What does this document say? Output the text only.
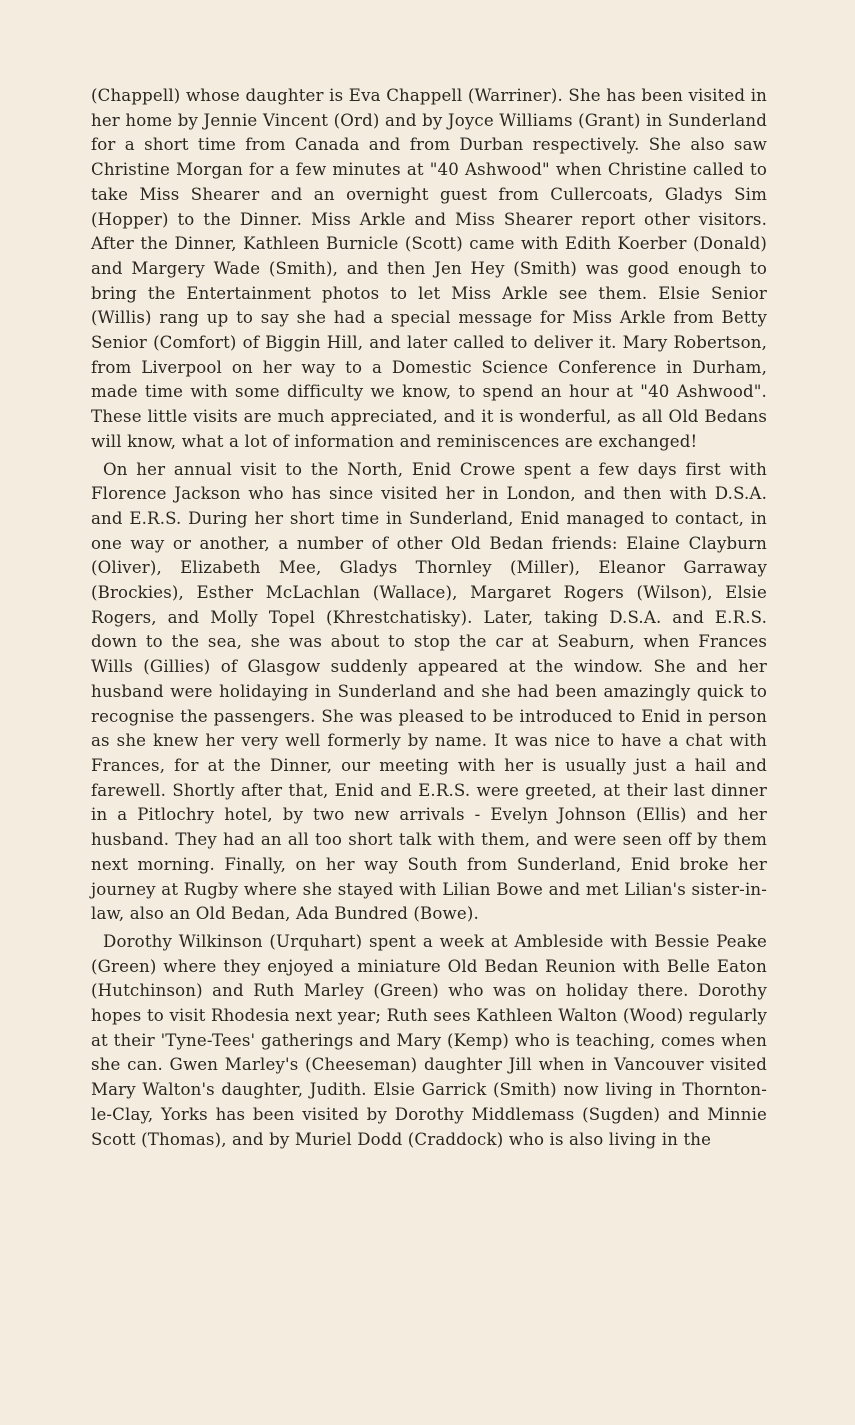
(Chappell) whose daughter is Eva Chappell (Warriner). She has been visited in her home by Jennie Vincent (Ord) and by Joyce Williams (Grant) in Sunderland for a short time from Canada and from Durban respectively. She also saw Christine Morgan for a few minutes at "40 Ashwood" when Christine called to take Miss Shearer and an overnight guest from Cullercoats, Gladys Sim (Hopper) to the Dinner. Miss Arkle and Miss Shearer report other visitors. After the Dinner, Kathleen Burnicle (Scott) came with Edith Koerber (Donald) and Margery Wade (Smith), and then Jen Hey (Smith) was good enough to bring the Entertainment photos to let Miss Arkle see them. Elsie Senior (Willis) rang up to say she had a special message for Miss Arkle from Betty Senior (Comfort) of Biggin Hill, and later called to deliver it. Mary Robertson, from Liverpool on her way to a Domestic Science Conference in Durham, made time with some difficulty we know, to spend an hour at "40 Ashwood". These little visits are much appreciated, and it is wonderful, as all Old Bedans will know, what a lot of information and reminiscences are exchanged!

On her annual visit to the North, Enid Crowe spent a few days first with Florence Jackson who has since visited her in London, and then with D.S.A. and E.R.S. During her short time in Sunderland, Enid managed to contact, in one way or another, a number of other Old Bedan friends: Elaine Clayburn (Oliver), Elizabeth Mee, Gladys Thornley (Miller), Eleanor Garraway (Brockies), Esther McLachlan (Wallace), Margaret Rogers (Wilson), Elsie Rogers, and Molly Topel (Khrestchatisky). Later, taking D.S.A. and E.R.S. down to the sea, she was about to stop the car at Seaburn, when Frances Wills (Gillies) of Glasgow suddenly appeared at the window. She and her husband were holidaying in Sunderland and she had been amazingly quick to recognise the passengers. She was pleased to be introduced to Enid in person as she knew her very well formerly by name. It was nice to have a chat with Frances, for at the Dinner, our meeting with her is usually just a hail and farewell. Shortly after that, Enid and E.R.S. were greeted, at their last dinner in a Pitlochry hotel, by two new arrivals - Evelyn Johnson (Ellis) and her husband. They had an all too short talk with them, and were seen off by them next morning. Finally, on her way South from Sunderland, Enid broke her journey at Rugby where she stayed with Lilian Bowe and met Lilian's sister-in-law, also an Old Bedan, Ada Bundred (Bowe).

Dorothy Wilkinson (Urquhart) spent a week at Ambleside with Bessie Peake (Green) where they enjoyed a miniature Old Bedan Reunion with Belle Eaton (Hutchinson) and Ruth Marley (Green) who was on holiday there. Dorothy hopes to visit Rhodesia next year; Ruth sees Kathleen Walton (Wood) regularly at their 'Tyne-Tees' gatherings and Mary (Kemp) who is teaching, comes when she can. Gwen Marley's (Cheeseman) daughter Jill when in Vancouver visited Mary Walton's daughter, Judith. Elsie Garrick (Smith) now living in Thornton-le-Clay, Yorks has been visited by Dorothy Middlemass (Sugden) and Minnie Scott (Thomas), and by Muriel Dodd (Craddock) who is also living in the
